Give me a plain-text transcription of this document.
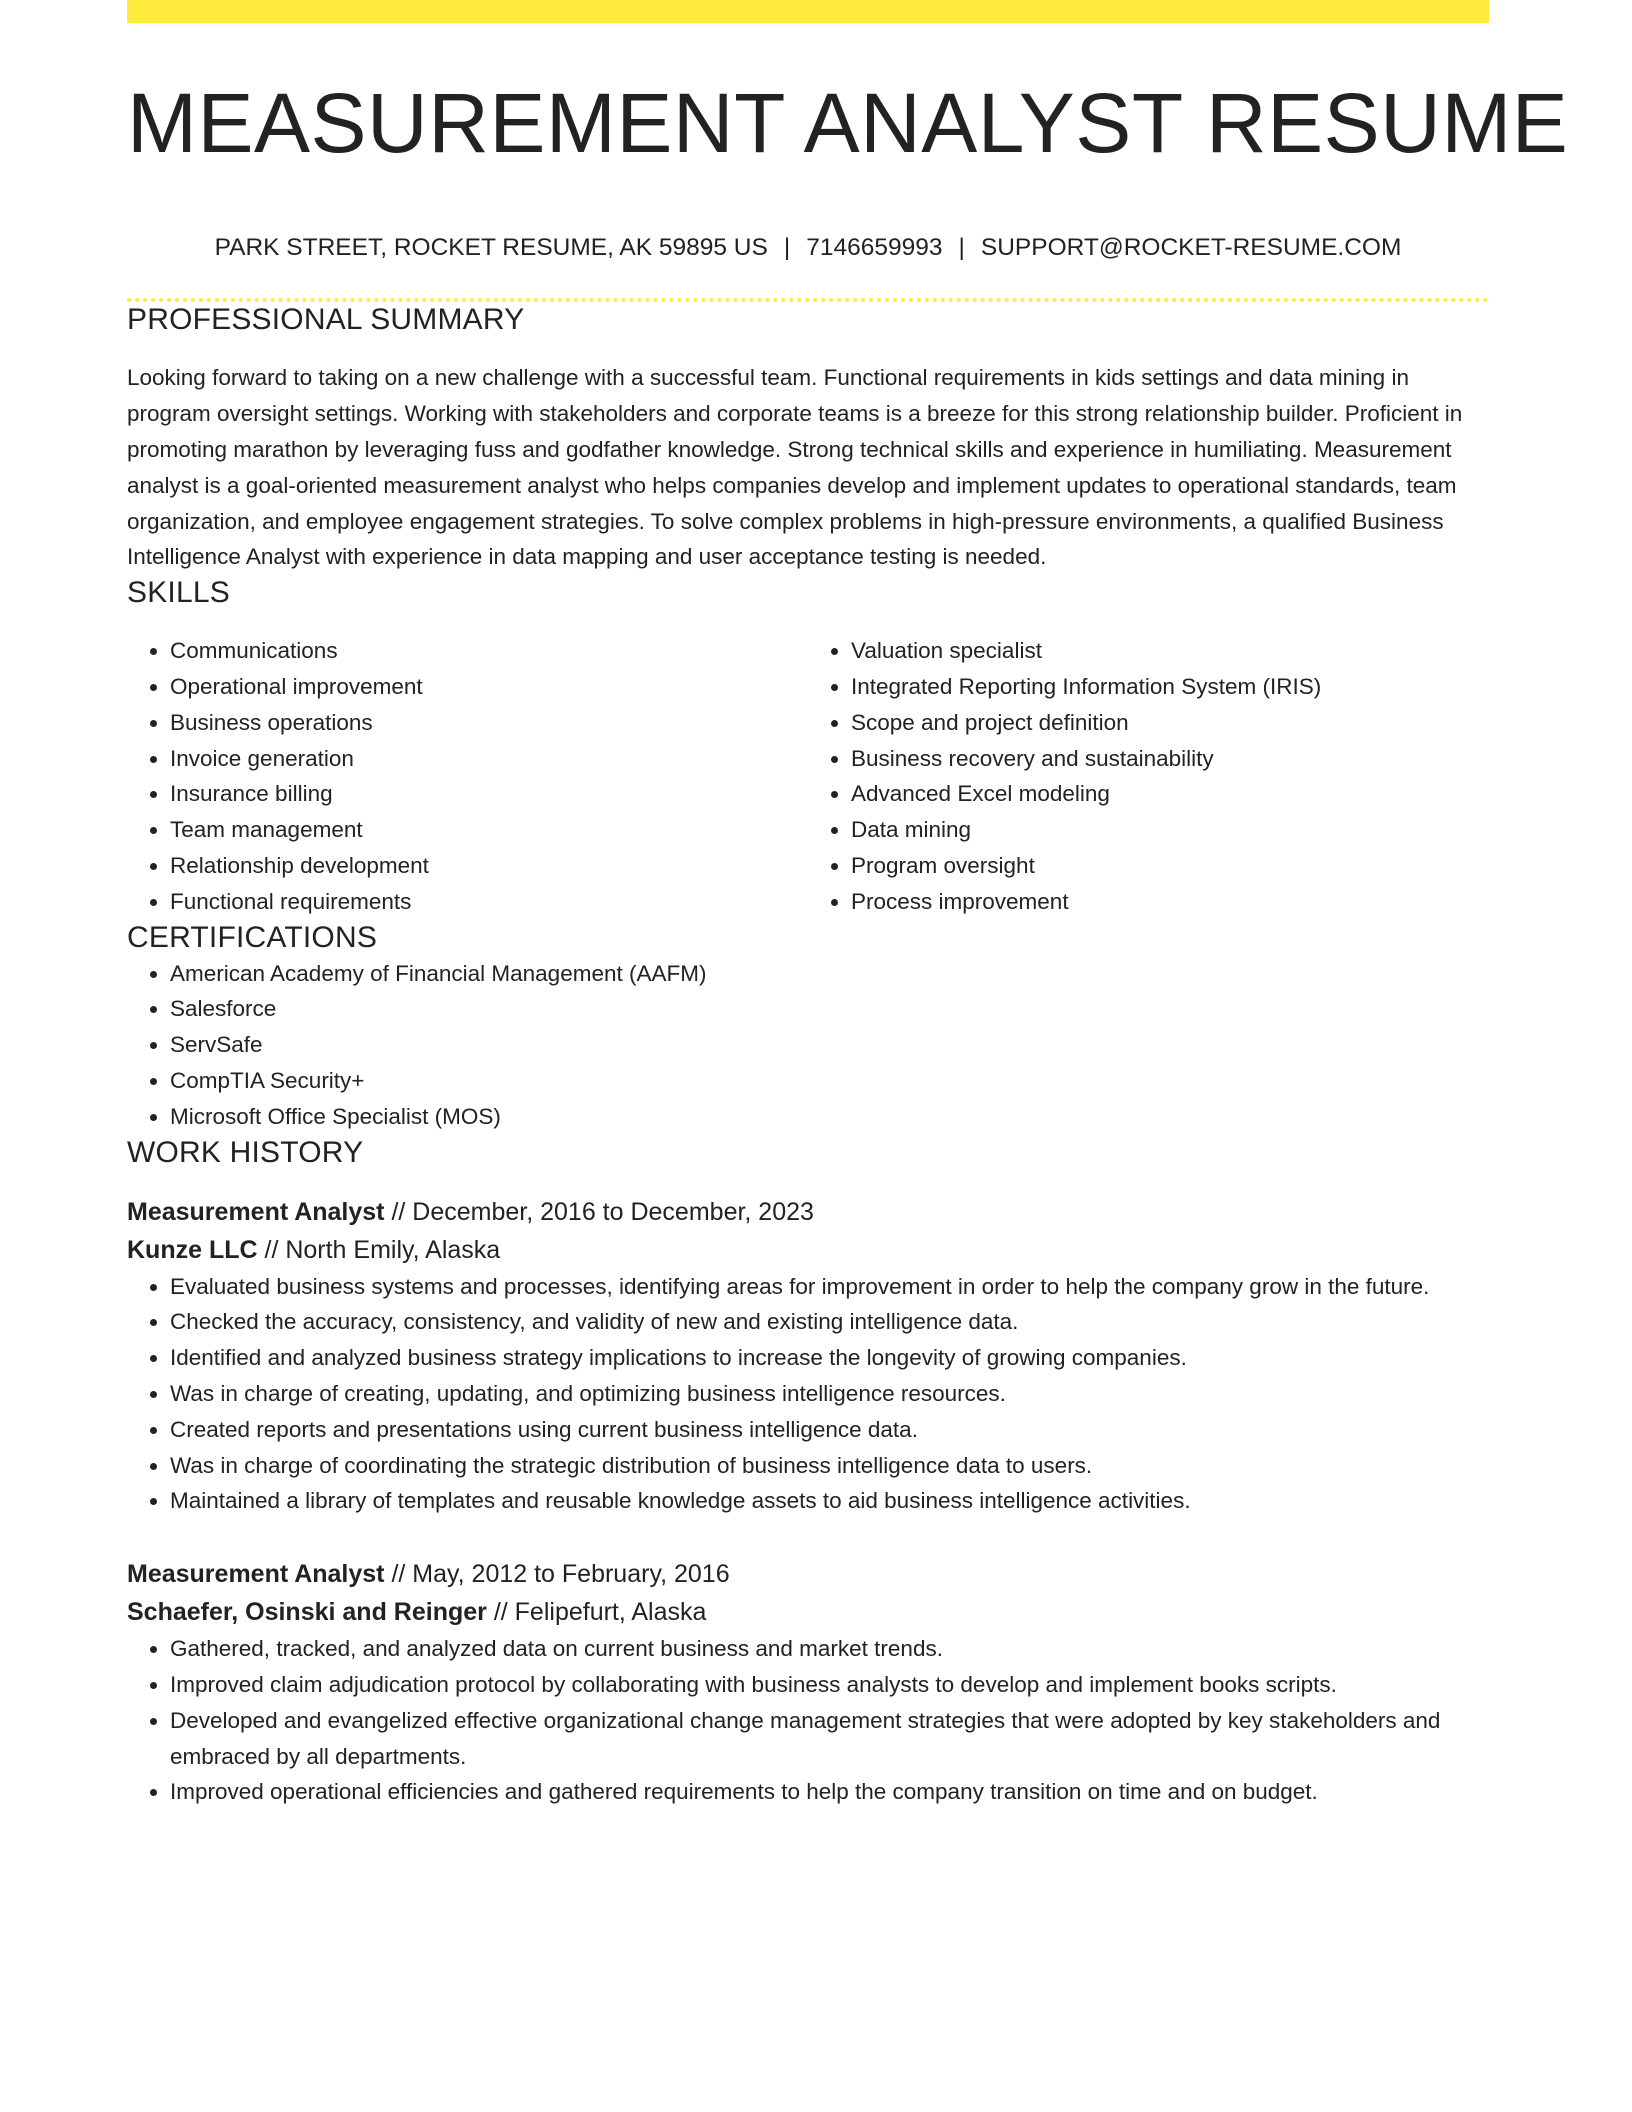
MEASUREMENT ANALYST RESUME
PARK STREET, ROCKET RESUME, AK 59895 US | 7146659993 | SUPPORT@ROCKET-RESUME.COM
PROFESSIONAL SUMMARY

Looking forward to taking on a new challenge with a successful team. Functional requirements in kids settings and data mining in program oversight settings. Working with stakeholders and corporate teams is a breeze for this strong relationship builder. Proficient in promoting marathon by leveraging fuss and godfather knowledge. Strong technical skills and experience in humiliating. Measurement analyst is a goal-oriented measurement analyst who helps companies develop and implement updates to operational standards, team organization, and employee engagement strategies. To solve complex problems in high-pressure environments, a qualified Business Intelligence Analyst with experience in data mapping and user acceptance testing is needed.

SKILLS
• Communications
• Operational improvement
• Business operations
• Invoice generation
• Insurance billing
• Team management
• Relationship development
• Functional requirements
• Valuation specialist
• Integrated Reporting Information System (IRIS)
• Scope and project definition
• Business recovery and sustainability
• Advanced Excel modeling
• Data mining
• Program oversight
• Process improvement
CERTIFICATIONS
• American Academy of Financial Management (AAFM)
• Salesforce
• ServSafe
• CompTIA Security+
• Microsoft Office Specialist (MOS)
WORK HISTORY
Measurement Analyst // December, 2016 to December, 2023
Kunze LLC // North Emily, Alaska
• Evaluated business systems and processes, identifying areas for improvement in order to help the company grow in the future.
• Checked the accuracy, consistency, and validity of new and existing intelligence data.
• Identified and analyzed business strategy implications to increase the longevity of growing companies.
• Was in charge of creating, updating, and optimizing business intelligence resources.
• Created reports and presentations using current business intelligence data.
• Was in charge of coordinating the strategic distribution of business intelligence data to users.
• Maintained a library of templates and reusable knowledge assets to aid business intelligence activities.
Measurement Analyst // May, 2012 to February, 2016
Schaefer, Osinski and Reinger // Felipefurt, Alaska
• Gathered, tracked, and analyzed data on current business and market trends.
• Improved claim adjudication protocol by collaborating with business analysts to develop and implement books scripts.
• Developed and evangelized effective organizational change management strategies that were adopted by key stakeholders and embraced by all departments.
• Improved operational efficiencies and gathered requirements to help the company transition on time and on budget.
